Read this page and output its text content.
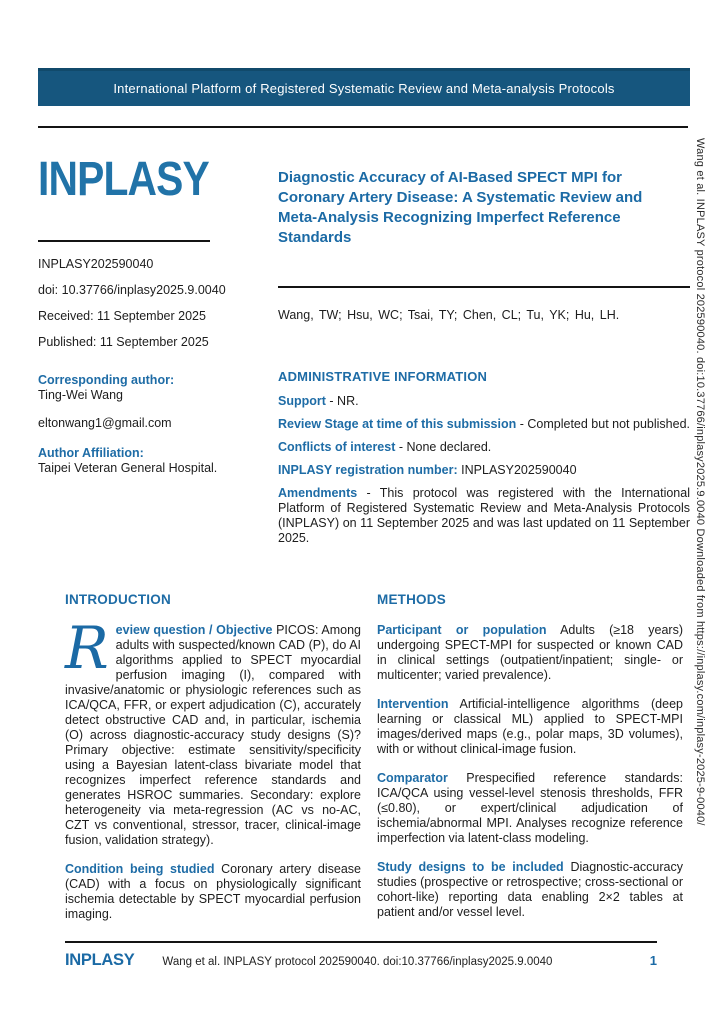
International Platform of Registered Systematic Review and Meta-analysis Protocols
INPLASY
INPLASY202590040
doi: 10.37766/inplasy2025.9.0040
Received: 11 September 2025
Published: 11 September 2025
Corresponding author:
Ting-Wei Wang
eltonwang1@gmail.com
Author Affiliation:
Taipei Veteran General Hospital.
Diagnostic Accuracy of AI-Based SPECT MPI for Coronary Artery Disease: A Systematic Review and Meta-Analysis Recognizing Imperfect Reference Standards
Wang, TW; Hsu, WC; Tsai, TY; Chen, CL; Tu, YK; Hu, LH.
ADMINISTRATIVE INFORMATION

Support - NR.

Review Stage at time of this submission - Completed but not published.

Conflicts of interest - None declared.

INPLASY registration number: INPLASY202590040

Amendments - This protocol was registered with the International Platform of Registered Systematic Review and Meta-Analysis Protocols (INPLASY) on 11 September 2025 and was last updated on 11 September 2025.

INTRODUCTION

Review question / Objective PICOS: Among adults with suspected/known CAD (P), do AI algorithms applied to SPECT myocardial perfusion imaging (I), compared with invasive/anatomic or physiologic references such as ICA/QCA, FFR, or expert adjudication (C), accurately detect obstructive CAD and, in particular, ischemia (O) across diagnostic-accuracy study designs (S)? Primary objective: estimate sensitivity/specificity using a Bayesian latent-class bivariate model that recognizes imperfect reference standards and generates HSROC summaries. Secondary: explore heterogeneity via meta-regression (AC vs no-AC, CZT vs conventional, stressor, tracer, clinical-image fusion, validation strategy).

Condition being studied Coronary artery disease (CAD) with a focus on physiologically significant ischemia detectable by SPECT myocardial perfusion imaging.

METHODS

Participant or population Adults (≥18 years) undergoing SPECT-MPI for suspected or known CAD in clinical settings (outpatient/inpatient; single- or multicenter; varied prevalence).

Intervention Artificial-intelligence algorithms (deep learning or classical ML) applied to SPECT-MPI images/derived maps (e.g., polar maps, 3D volumes), with or without clinical-image fusion.

Comparator Prespecified reference standards: ICA/QCA using vessel-level stenosis thresholds, FFR (≤0.80), or expert/clinical adjudication of ischemia/abnormal MPI. Analyses recognize reference imperfection via latent-class modeling.

Study designs to be included Diagnostic-accuracy studies (prospective or retrospective; cross-sectional or cohort-like) reporting data enabling 2×2 tables at patient and/or vessel level.

INPLASY Wang et al. INPLASY protocol 202590040. doi:10.37766/inplasy2025.9.0040	1
Wang et al. INPLASY protocol 202590040. doi:10.37766/inplasy2025.9.0040 Downloaded from https://inplasy.com/inplasy-2025-9-0040/
